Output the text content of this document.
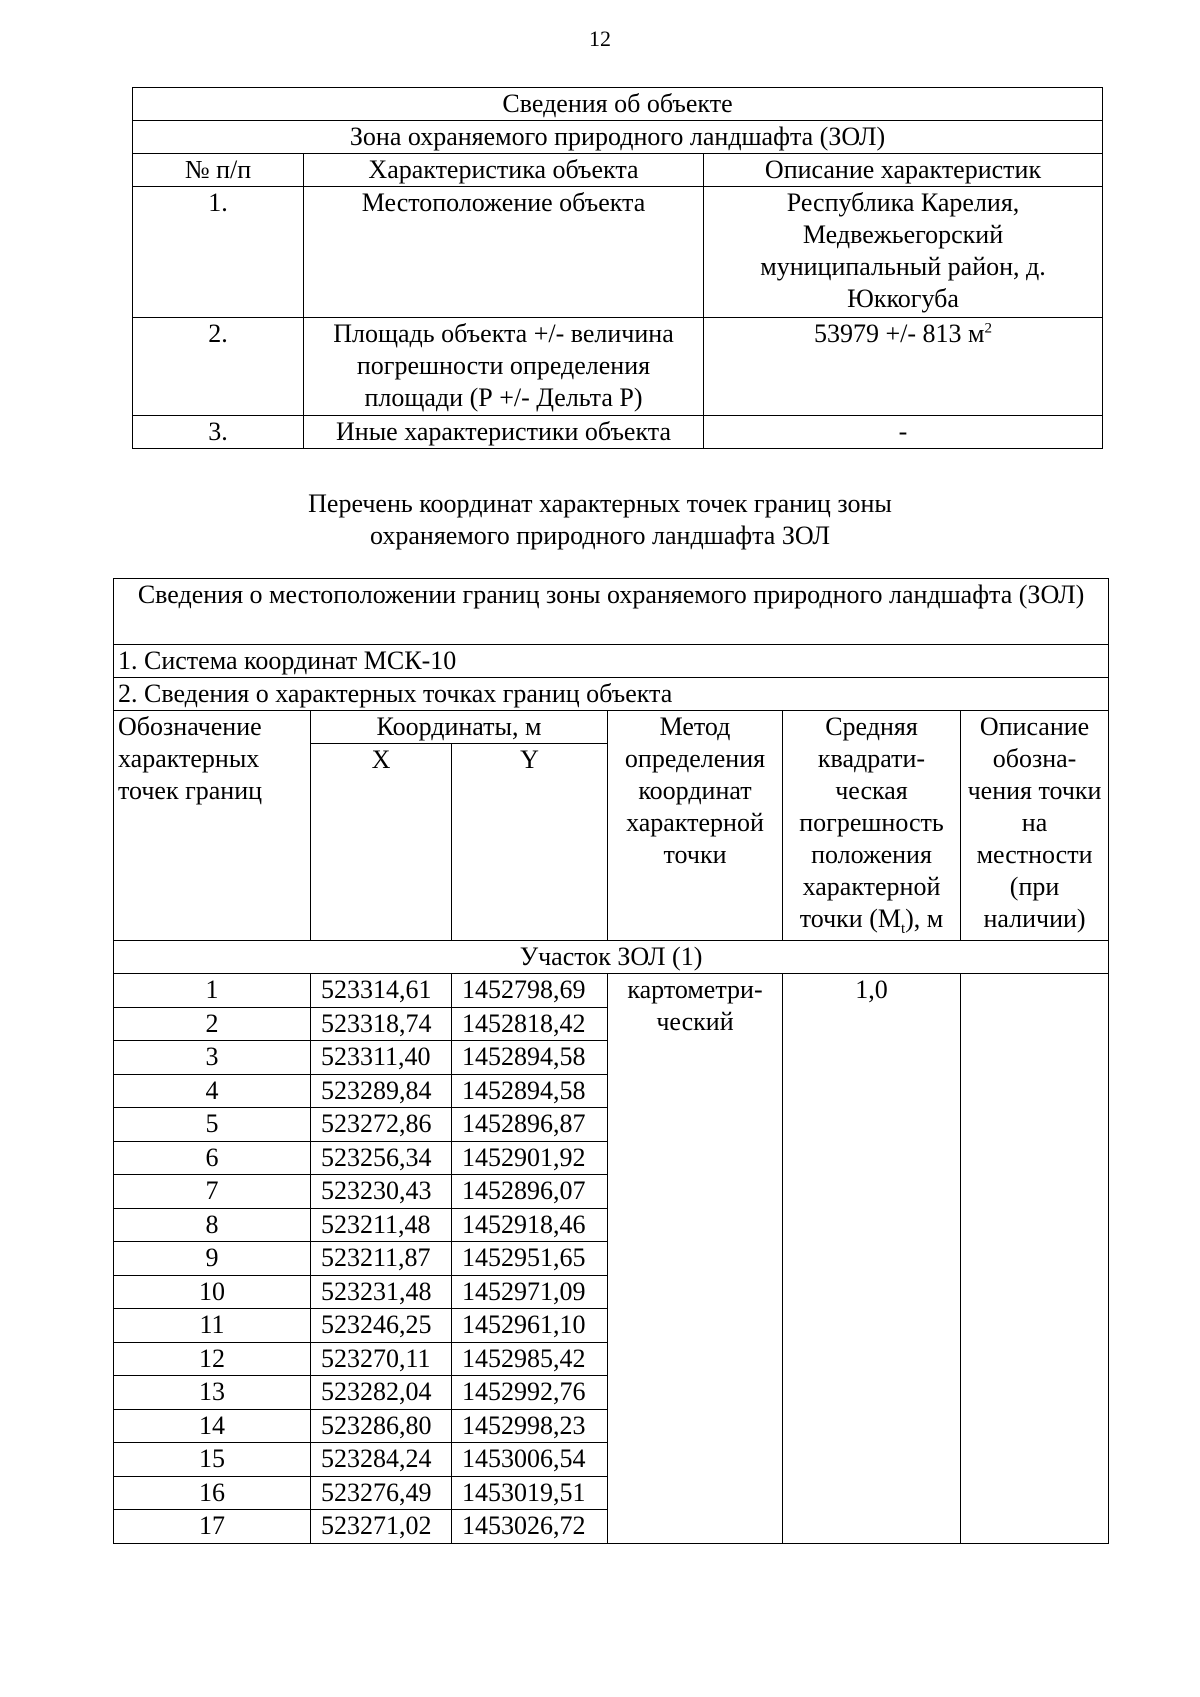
12
Сведения об объекте		
Зона охраняемого природного ландшафта (ЗОЛ)		
№ п/п	Характеристика объекта	Описание характеристик
1.	Местоположение объекта	Республика Карелия, Медвежьегорский муниципальный район, д. Юккогуба
2.	Площадь объекта +/- величина погрешности определения площади (Р +/- Дельта Р)	53979 +/- 813 $м^2$
3.	Иные характеристики объекта	-
Перечень координат характерных точек границ зоны
охраняемого природного ландшафта ЗОЛ
Сведения о местоположении границ зоны охраняемого природного ландшафта (ЗОЛ)					
1. Система координат МСК-10					
2. Сведения о характерных точках границ объекта					
Обозначение характерных точек границ	Координаты, м		Метод определения координат характерной точки	Средняя квадрати-ческая погрешность положения характерной точки $(M_t)$, м	Описание обозна-чения точки на местности (при наличии)
	X	Y			
Участок ЗОЛ (1)					
1	523314,61	1452798,69	картометри-ческий	1,0	
2	523318,74	1452818,42			
3	523311,40	1452894,58			
4	523289,84	1452894,58			
5	523272,86	1452896,87			
6	523256,34	1452901,92			
7	523230,43	1452896,07			
8	523211,48	1452918,46			
9	523211,87	1452951,65			
10	523231,48	1452971,09			
11	523246,25	1452961,10			
12	523270,11	1452985,42			
13	523282,04	1452992,76			
14	523286,80	1452998,23			
15	523284,24	1453006,54			
16	523276,49	1453019,51			
17	523271,02	1453026,72			
